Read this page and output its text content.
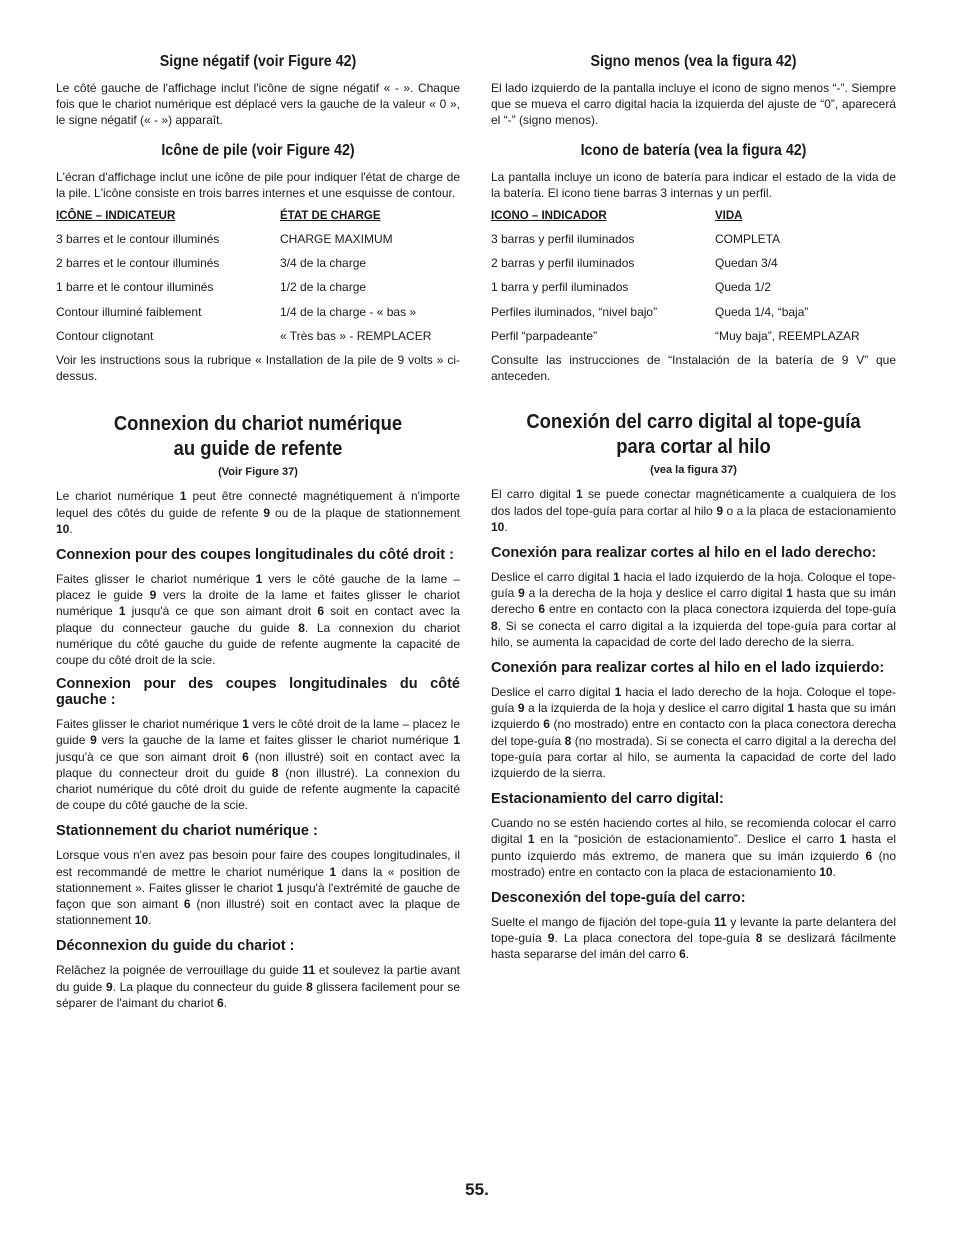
Signe négatif (voir Figure 42)

Le côté gauche de l'affichage inclut l'icône de signe négatif « - ». Chaque fois que le chariot numérique est déplacé vers la gauche de la valeur « 0 », le signe négatif (« - ») apparaît.

Icône de pile (voir Figure 42)

L'écran d'affichage inclut une icône de pile pour indiquer l'état de charge de la pile. L'icône consiste en trois barres internes et une esquisse de contour.

ICÔNE – INDICATEUR	ÉTAT DE CHARGE
3 barres et le contour illuminés	CHARGE MAXIMUM
2 barres et le contour illuminés	3/4 de la charge
1 barre et le contour illuminés	1/2 de la charge
Contour illuminé faiblement	1/4 de la charge - « bas »
Contour clignotant	« Très bas » - REMPLACER

Voir les instructions sous la rubrique « Installation de la pile de 9 volts » ci-dessus.

Connexion du chariot numérique
au guide de refente
(Voir Figure 37)

Le chariot numérique 1 peut être connecté magnétiquement à n'importe lequel des côtés du guide de refente 9 ou de la plaque de stationnement 10.

Connexion pour des coupes longitudinales du côté droit :

Faites glisser le chariot numérique 1 vers le côté gauche de la lame – placez le guide 9 vers la droite de la lame et faites glisser le chariot numérique 1 jusqu'à ce que son aimant droit 6 soit en contact avec la plaque du connecteur gauche du guide 8. La connexion du chariot numérique du côté gauche du guide de refente augmente la capacité de coupe du côté droit de la scie.

Connexion pour des coupes longitudinales du côté gauche :

Faites glisser le chariot numérique 1 vers le côté droit de la lame – placez le guide 9 vers la gauche de la lame et faites glisser le chariot numérique 1 jusqu'à ce que son aimant droit 6 (non illustré) soit en contact avec la plaque du connecteur droit du guide 8 (non illustré). La connexion du chariot numérique du côté droit du guide de refente augmente la capacité de coupe du côté gauche de la scie.

Stationnement du chariot numérique :

Lorsque vous n'en avez pas besoin pour faire des coupes longitudinales, il est recommandé de mettre le chariot numérique 1 dans la « position de stationnement ». Faites glisser le chariot 1 jusqu'à l'extrémité de gauche de façon que son aimant 6 (non illustré) soit en contact avec la plaque de stationnement 10.

Déconnexion du guide du chariot :

Relâchez la poignée de verrouillage du guide 11 et soulevez la partie avant du guide 9. La plaque du connecteur du guide 8 glissera facilement pour se séparer de l'aimant du chariot 6.

Signo menos (vea la figura 42)

El lado izquierdo de la pantalla incluye el icono de signo menos “-”. Siempre que se mueva el carro digital hacia la izquierda del ajuste de “0”, aparecerá el “-” (signo menos).

Icono de batería (vea la figura 42)

La pantalla incluye un icono de batería para indicar el estado de la vida de la batería. El icono tiene barras 3 internas y un perfil.

ICONO – INDICADOR	VIDA
3 barras y perfil iluminados	COMPLETA
2 barras y perfil iluminados	Quedan 3/4
1 barra y perfil iluminados	Queda 1/2
Perfiles iluminados, “nivel bajo”	Queda 1/4, “baja”
Perfil “parpadeante”	“Muy baja”, REEMPLAZAR

Consulte las instrucciones de “Instalación de la batería de 9 V” que anteceden.

Conexión del carro digital al tope-guía
para cortar al hilo
(vea la figura 37)

El carro digital 1 se puede conectar magnéticamente a cualquiera de los dos lados del tope-guía para cortar al hilo 9 o a la placa de estacionamiento 10.

Conexión para realizar cortes al hilo en el lado derecho:

Deslice el carro digital 1 hacia el lado izquierdo de la hoja. Coloque el tope-guía 9 a la derecha de la hoja y deslice el carro digital 1 hasta que su imán derecho 6 entre en contacto con la placa conectora izquierda del tope-guía 8. Si se conecta el carro digital a la izquierda del tope-guía para cortar al hilo, se aumenta la capacidad de corte del lado derecho de la sierra.

Conexión para realizar cortes al hilo en el lado izquierdo:

Deslice el carro digital 1 hacia el lado derecho de la hoja. Coloque el tope-guía 9 a la izquierda de la hoja y deslice el carro digital 1 hasta que su imán izquierdo 6 (no mostrado) entre en contacto con la placa conectora derecha del tope-guía 8 (no mostrada). Si se conecta el carro digital a la derecha del tope-guía para cortar al hilo, se aumenta la capacidad de corte del lado izquierdo de la sierra.

Estacionamiento del carro digital:

Cuando no se estén haciendo cortes al hilo, se recomienda colocar el carro digital 1 en la “posición de estacionamiento”. Deslice el carro 1 hasta el punto izquierdo más extremo, de manera que su imán izquierdo 6 (no mostrado) entre en contacto con la placa de estacionamiento 10.

Desconexión del tope-guía del carro:

Suelte el mango de fijación del tope-guía 11 y levante la parte delantera del tope-guía 9. La placa conectora del tope-guía 8 se deslizará fácilmente hasta separarse del imán del carro 6.

55.
